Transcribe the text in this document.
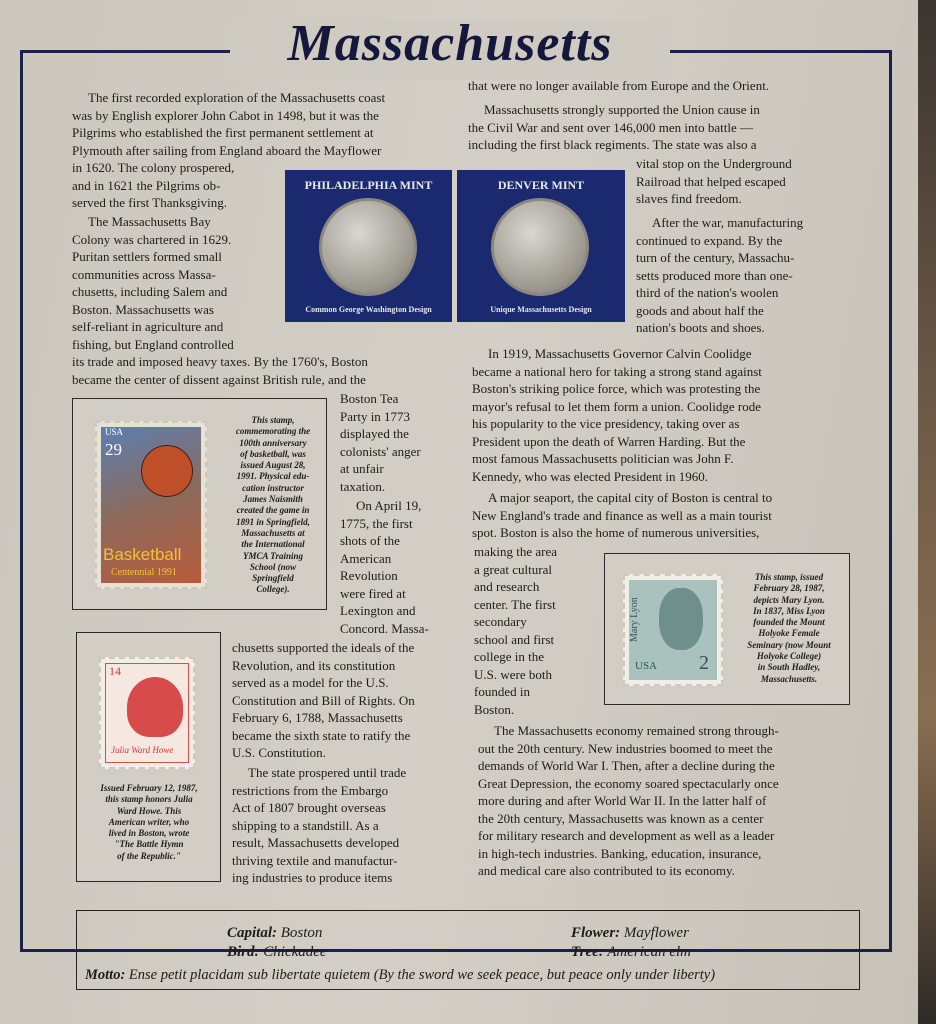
Massachusetts
The first recorded exploration of the Massachusetts coast
was by English explorer John Cabot in 1498, but it was the
Pilgrims who established the first permanent settlement at
Plymouth after sailing from England aboard the Mayflower
in 1620. The colony prospered,
and in 1621 the Pilgrims ob-
served the first Thanksgiving.
The Massachusetts Bay
Colony was chartered in 1629.
Puritan settlers formed small
communities across Massa-
chusetts, including Salem and
Boston. Massachusetts was
self-reliant in agriculture and
fishing, but England controlled
its trade and imposed heavy taxes. By the 1760's, Boston
became the center of dissent against British rule, and the
Boston Tea
Party in 1773
displayed the
colonists' anger
at unfair
taxation.
On April 19,
1775, the first
shots of the
American
Revolution
were fired at
Lexington and
Concord. Massa-
chusetts supported the ideals of the
Revolution, and its constitution
served as a model for the U.S.
Constitution and Bill of Rights. On
February 6, 1788, Massachusetts
became the sixth state to ratify the
U.S. Constitution.
The state prospered until trade
restrictions from the Embargo
Act of 1807 brought overseas
shipping to a standstill. As a
result, Massachusetts developed
thriving textile and manufactur-
ing industries to produce items
that were no longer available from Europe and the Orient.
Massachusetts strongly supported the Union cause in
the Civil War and sent over 146,000 men into battle —
including the first black regiments. The state was also a
vital stop on the Underground
Railroad that helped escaped
slaves find freedom.
After the war, manufacturing
continued to expand. By the
turn of the century, Massachu-
setts produced more than one-
third of the nation's woolen
goods and about half the
nation's boots and shoes.
In 1919, Massachusetts Governor Calvin Coolidge
became a national hero for taking a strong stand against
Boston's striking police force, which was protesting the
mayor's refusal to let them form a union. Coolidge rode
his popularity to the vice presidency, taking over as
President upon the death of Warren Harding. But the
most famous Massachusetts politician was John F.
Kennedy, who was elected President in 1960.
A major seaport, the capital city of Boston is central to
New England's trade and finance as well as a main tourist
spot. Boston is also the home of numerous universities,
making the area
a great cultural
and research
center. The first
secondary
school and first
college in the
U.S. were both
founded in
Boston.
The Massachusetts economy remained strong through-
out the 20th century. New industries boomed to meet the
demands of World War I. Then, after a decline during the
Great Depression, the economy soared spectacularly once
more during and after World War II. In the latter half of
the 20th century, Massachusetts was known as a center
for military research and development as well as a leader
in high-tech industries. Banking, education, insurance,
and medical care also contributed to its economy.
PHILADELPHIA MINT
Common George Washington Design
DENVER MINT
Unique Massachusetts Design
USA
29
Basketball
Centennial 1991
This stamp,
commemorating the
100th anniversary
of basketball, was
issued August 28,
1991. Physical edu-
cation instructor
James Naismith
created the game in
1891 in Springfield,
Massachusetts at
the International
YMCA Training
School (now
Springfield
College).
14
Julia Ward Howe
Issued February 12, 1987,
this stamp honors Julia
Ward Howe. This
American writer, who
lived in Boston, wrote
"The Battle Hymn
of the Republic."
Mary Lyon
USA 2
This stamp, issued
February 28, 1987,
depicts Mary Lyon.
In 1837, Miss Lyon
founded the Mount
Holyoke Female
Seminary (now Mount
Holyoke College)
in South Hadley,
Massachusetts.
Capital: Boston
Bird: Chickadee
Flower: Mayflower
Tree: American elm
Motto: Ense petit placidam sub libertate quietem (By the sword we seek peace, but peace only under liberty)
